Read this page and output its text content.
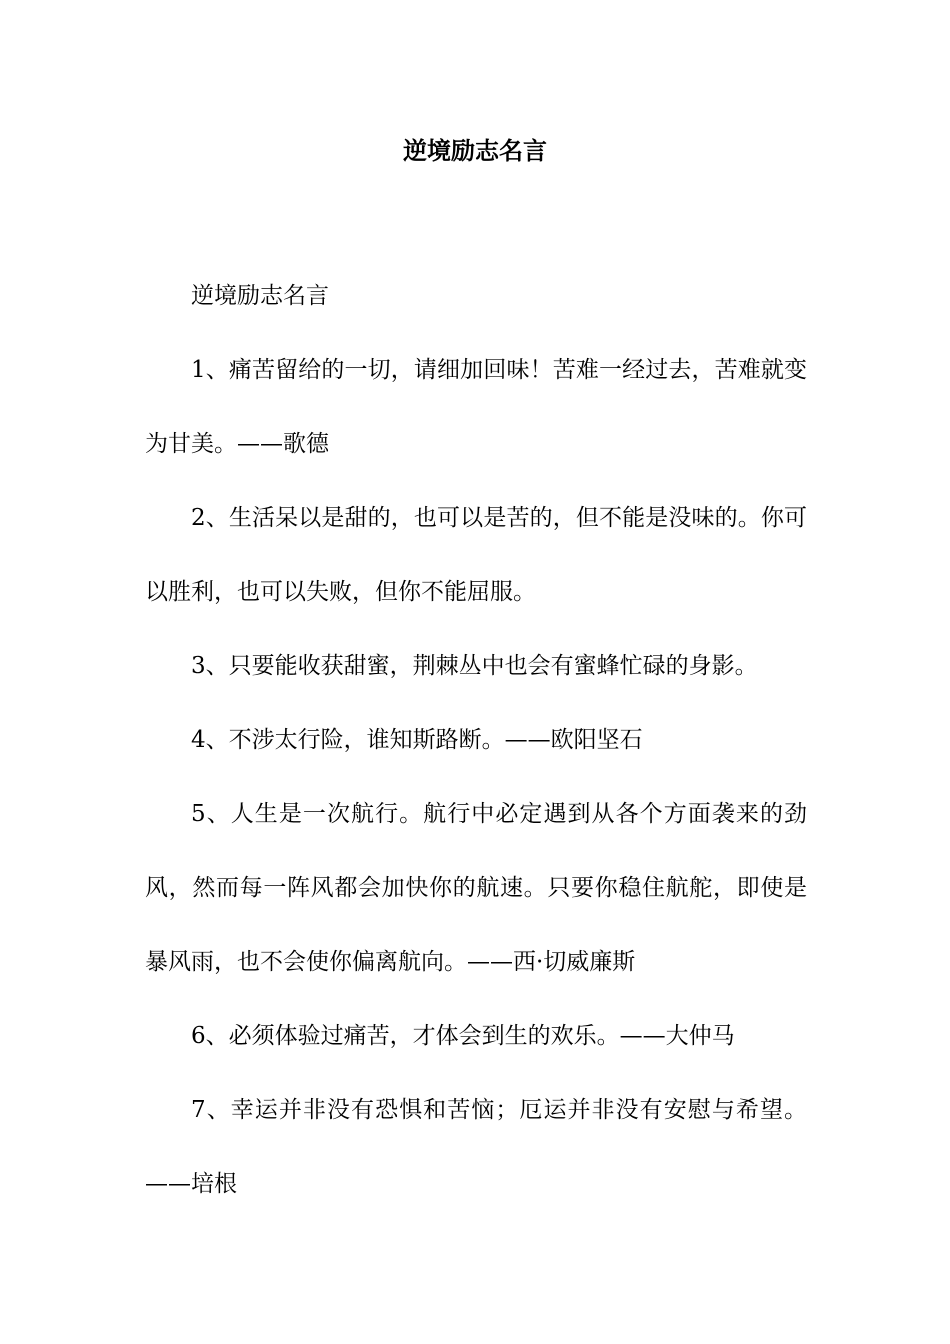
逆境励志名言

逆境励志名言

1、痛苦留给的一切，请细加回味！苦难一经过去，苦难就变为甘美。——歌德

2、生活呆以是甜的，也可以是苦的，但不能是没味的。你可以胜利，也可以失败，但你不能屈服。

3、只要能收获甜蜜，荆棘丛中也会有蜜蜂忙碌的身影。

4、不涉太行险，谁知斯路断。——欧阳坚石

5、人生是一次航行。航行中必定遇到从各个方面袭来的劲风，然而每一阵风都会加快你的航速。只要你稳住航舵，即使是暴风雨，也不会使你偏离航向。——西·切威廉斯

6、必须体验过痛苦，才体会到生的欢乐。——大仲马

7、幸运并非没有恐惧和苦恼；厄运并非没有安慰与希望。——培根
